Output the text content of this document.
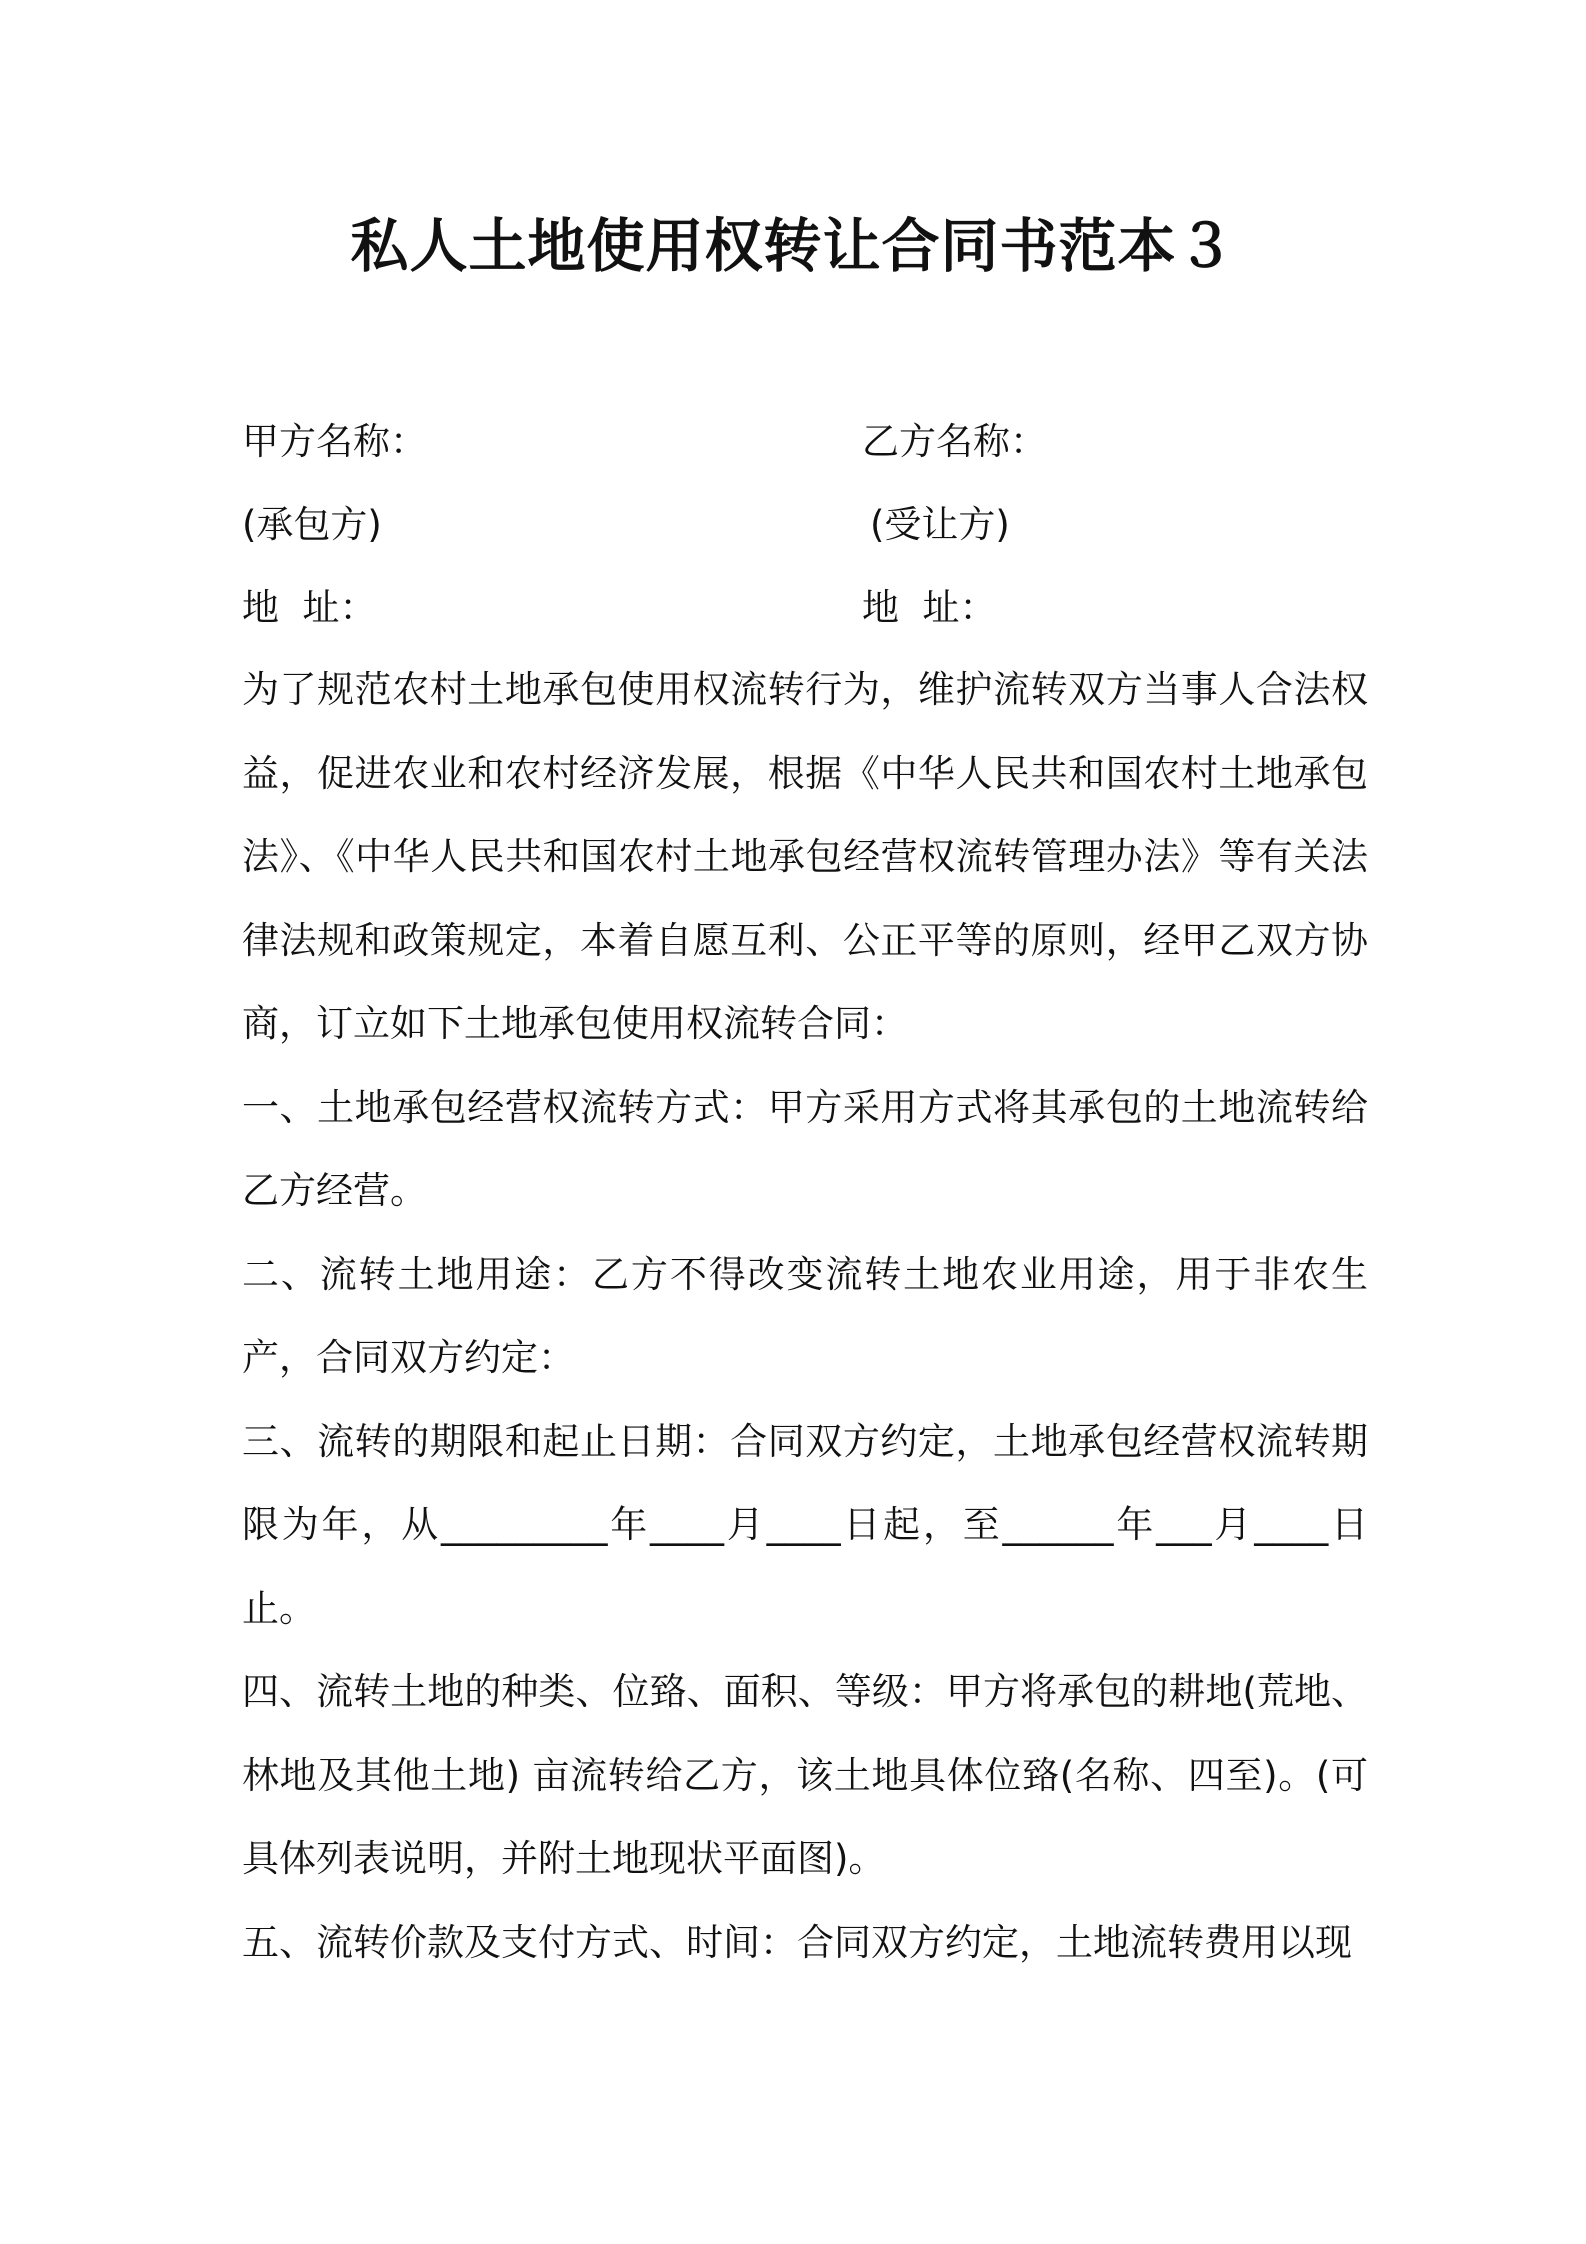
私人土地使用权转让合同书范本３
甲方名称：	乙方名称：
(承包方)	(受让方)
地  址：	地  址：

为了规范农村土地承包使用权流转行为，维护流转双方当事人合法权益，促进农业和农村经济发展，根据《中华人民共和国农村土地承包法》、《中华人民共和国农村土地承包经营权流转管理办法》等有关法律法规和政策规定，本着自愿互利、公正平等的原则，经甲乙双方协商，订立如下土地承包使用权流转合同：

一、土地承包经营权流转方式：甲方采用方式将其承包的土地流转给乙方经营。

二、流转土地用途：乙方不得改变流转土地农业用途，用于非农生产，合同双方约定：

三、流转的期限和起止日期：合同双方约定，土地承包经营权流转期限为年，从_________年____月____日起，至______年___月____日止。

四、流转土地的种类、位臵、面积、等级：甲方将承包的耕地(荒地、林地及其他土地) 亩流转给乙方，该土地具体位臵(名称、四至)。(可具体列表说明，并附土地现状平面图)。

五、流转价款及支付方式、时间：合同双方约定，土地流转费用以现
